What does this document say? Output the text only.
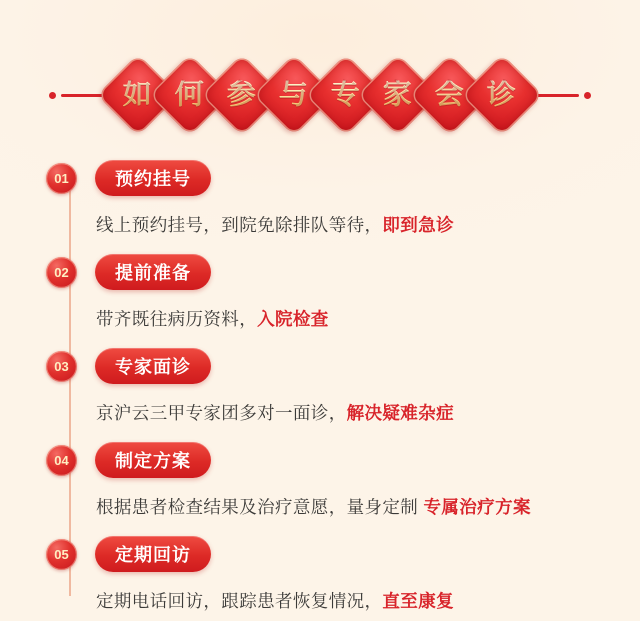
如 何 参 与 专 家 会 诊
01	预约挂号
线上预约挂号，到院免除排队等待，即到急诊
02	提前准备
带齐既往病历资料，入院检查
03	专家面诊
京沪云三甲专家团多对一面诊，解决疑难杂症
04	制定方案
根据患者检查结果及治疗意愿，量身定制 专属治疗方案
05	定期回访
定期电话回访，跟踪患者恢复情况，直至康复
